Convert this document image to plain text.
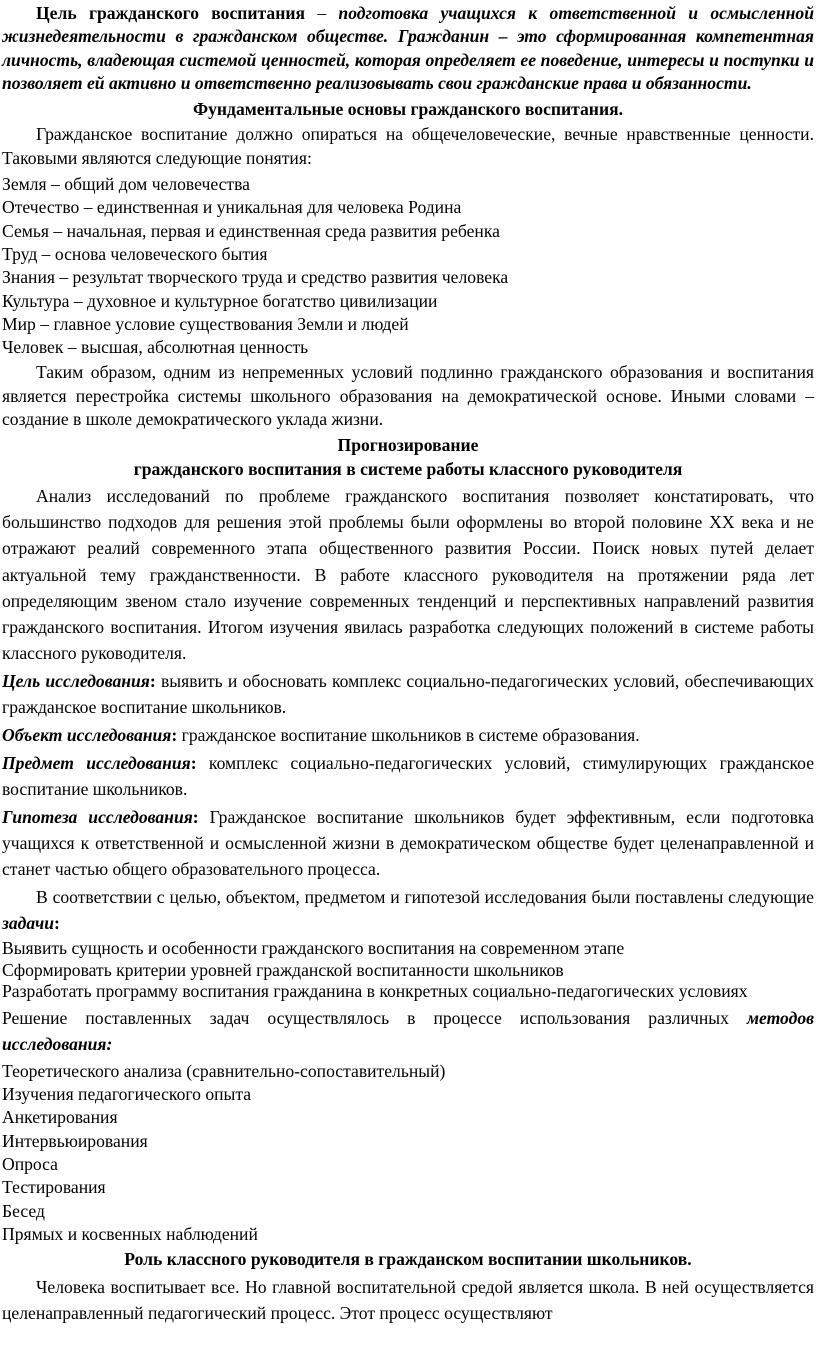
Цель гражданского воспитания – подготовка учащихся к ответственной и осмысленной жизнедеятельности в гражданском обществе. Гражданин – это сформированная компетентная личность, владеющая системой ценностей, которая определяет ее поведение, интересы и поступки и позволяет ей активно и ответственно реализовывать свои гражданские права и обязанности.

Фундаментальные основы гражданского воспитания.

Гражданское воспитание должно опираться на общечеловеческие, вечные нравственные ценности. Таковыми являются следующие понятия:

Земля – общий дом человечества
Отечество – единственная и уникальная для человека Родина
Семья – начальная, первая и единственная среда развития ребенка
Труд – основа человеческого бытия
Знания – результат творческого труда и средство развития человека
Культура – духовное и культурное богатство цивилизации
Мир – главное условие существования Земли и людей
Человек – высшая, абсолютная ценность

Таким образом, одним из непременных условий подлинно гражданского образования и воспитания является перестройка системы школьного образования на демократической основе. Иными словами – создание в школе демократического уклада жизни.

Прогнозирование

гражданского воспитания в системе работы классного руководителя

Анализ исследований по проблеме гражданского воспитания позволяет констатировать, что большинство подходов для решения этой проблемы были оформлены во второй половине XX века и не отражают реалий современного этапа общественного развития России. Поиск новых путей делает актуальной тему гражданственности. В работе классного руководителя на протяжении ряда лет определяющим звеном стало изучение современных тенденций и перспективных направлений развития гражданского воспитания. Итогом изучения явилась разработка следующих положений в системе работы классного руководителя.

Цель исследования: выявить и обосновать комплекс социально-педагогических условий, обеспечивающих гражданское воспитание школьников.

Объект исследования: гражданское воспитание школьников в системе образования.

Предмет исследования: комплекс социально-педагогических условий, стимулирующих гражданское воспитание школьников.

Гипотеза исследования: Гражданское воспитание школьников будет эффективным, если подготовка учащихся к ответственной и осмысленной жизни в демократическом обществе будет целенаправленной и станет частью общего образовательного процесса.

В соответствии с целью, объектом, предметом и гипотезой исследования были поставлены следующие задачи:

Выявить сущность и особенности гражданского воспитания на современном этапе
Сформировать критерии уровней гражданской воспитанности школьников
Разработать программу воспитания гражданина в конкретных социально-педагогических условиях

Решение поставленных задач осуществлялось в процессе использования различных методов исследования:

Теоретического анализа (сравнительно-сопоставительный)
Изучения педагогического опыта
Анкетирования
Интервьюирования
Опроса
Тестирования
Бесед
Прямых и косвенных наблюдений

Роль классного руководителя в гражданском воспитании школьников.

Человека воспитывает все. Но главной воспитательной средой является школа. В ней осуществляется целенаправленный педагогический процесс. Этот процесс осуществляют
